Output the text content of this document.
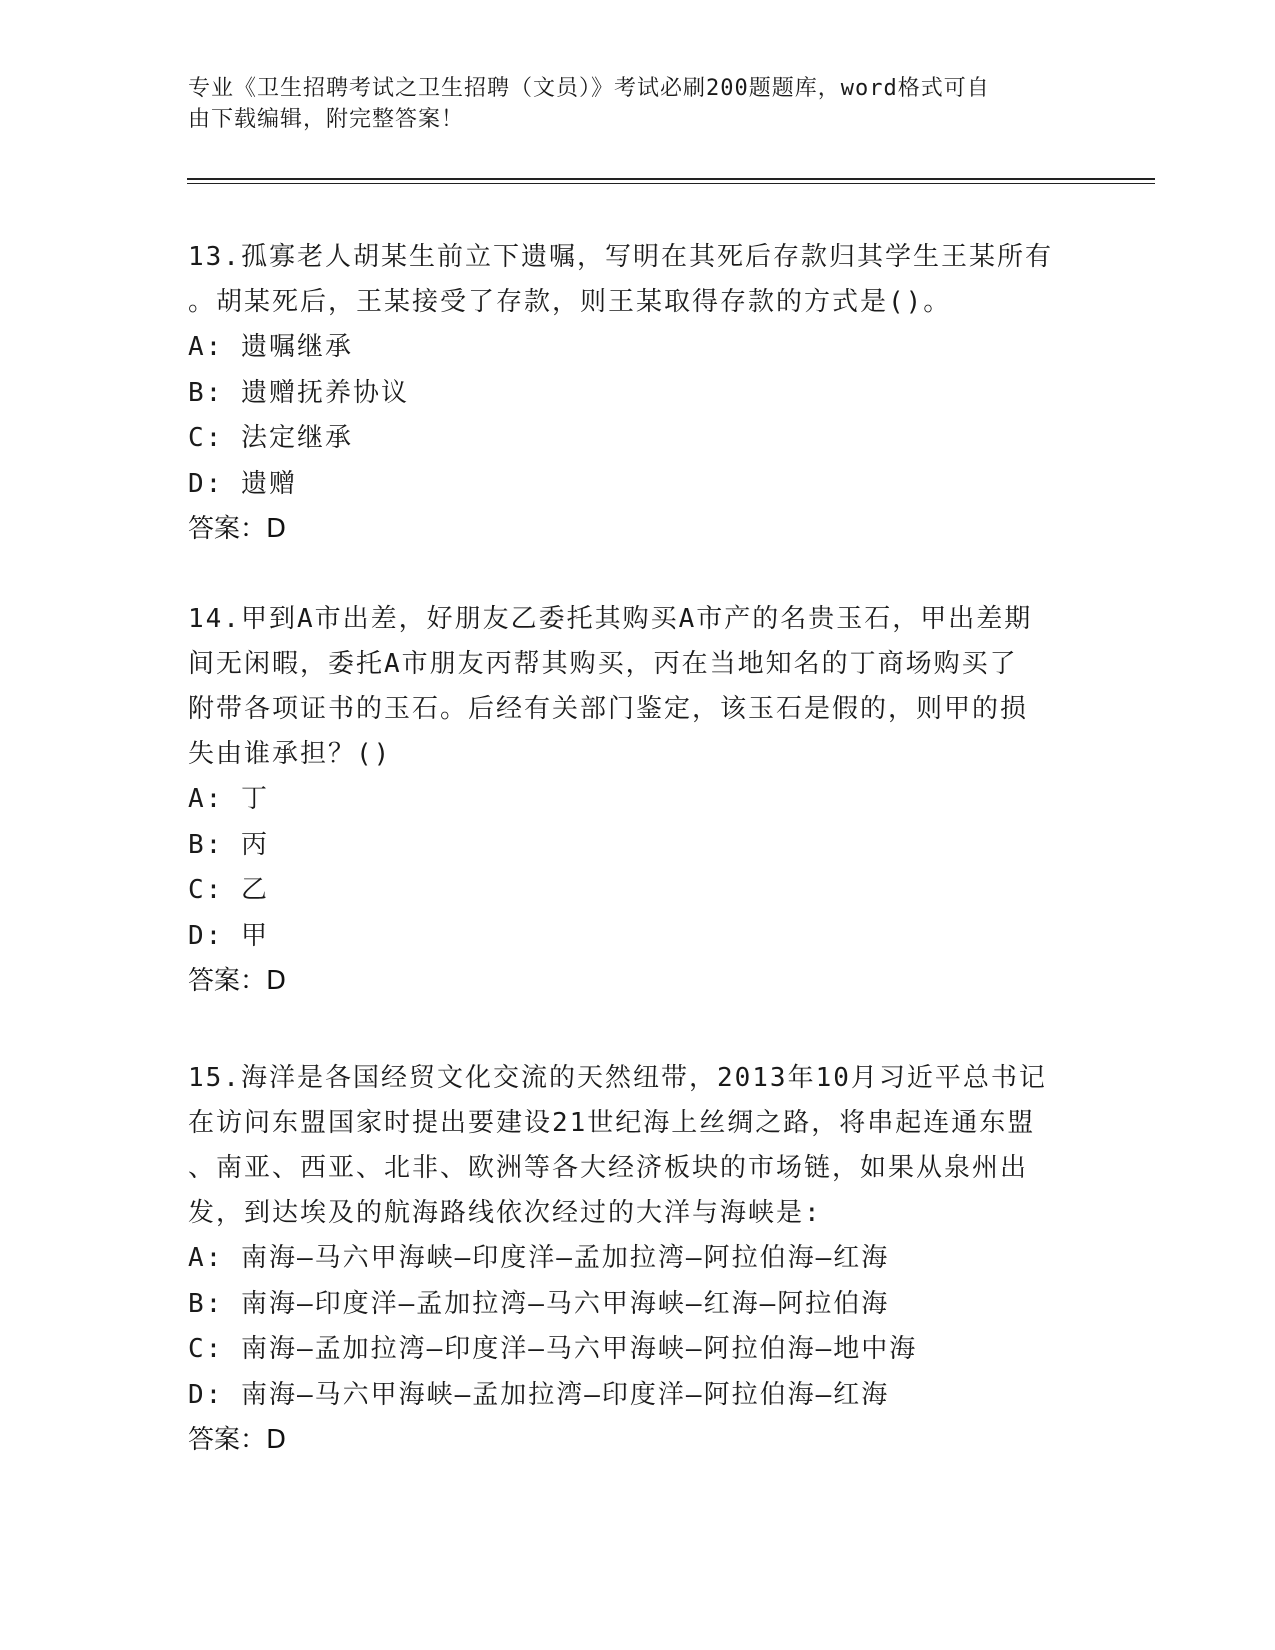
专业《卫生招聘考试之卫生招聘（文员）》考试必刷200题题库，word格式可自
由下载编辑，附完整答案！

13.孤寡老人胡某生前立下遗嘱，写明在其死后存款归其学生王某所有

。胡某死后，王某接受了存款，则王某取得存款的方式是()。

A: 遗嘱继承

B: 遗赠抚养协议

C: 法定继承

D: 遗赠

答案：D

14.甲到A市出差，好朋友乙委托其购买A市产的名贵玉石，甲出差期

间无闲暇，委托A市朋友丙帮其购买，丙在当地知名的丁商场购买了

附带各项证书的玉石。后经有关部门鉴定，该玉石是假的，则甲的损

失由谁承担？()

A: 丁

B: 丙

C: 乙

D: 甲

答案：D

15.海洋是各国经贸文化交流的天然纽带，2013年10月习近平总书记

在访问东盟国家时提出要建设21世纪海上丝绸之路，将串起连通东盟

、南亚、西亚、北非、欧洲等各大经济板块的市场链，如果从泉州出

发，到达埃及的航海路线依次经过的大洋与海峡是:

A: 南海—马六甲海峡—印度洋—孟加拉湾—阿拉伯海—红海

B: 南海—印度洋—孟加拉湾—马六甲海峡—红海—阿拉伯海

C: 南海—孟加拉湾—印度洋—马六甲海峡—阿拉伯海—地中海

D: 南海—马六甲海峡—孟加拉湾—印度洋—阿拉伯海—红海

答案：D
